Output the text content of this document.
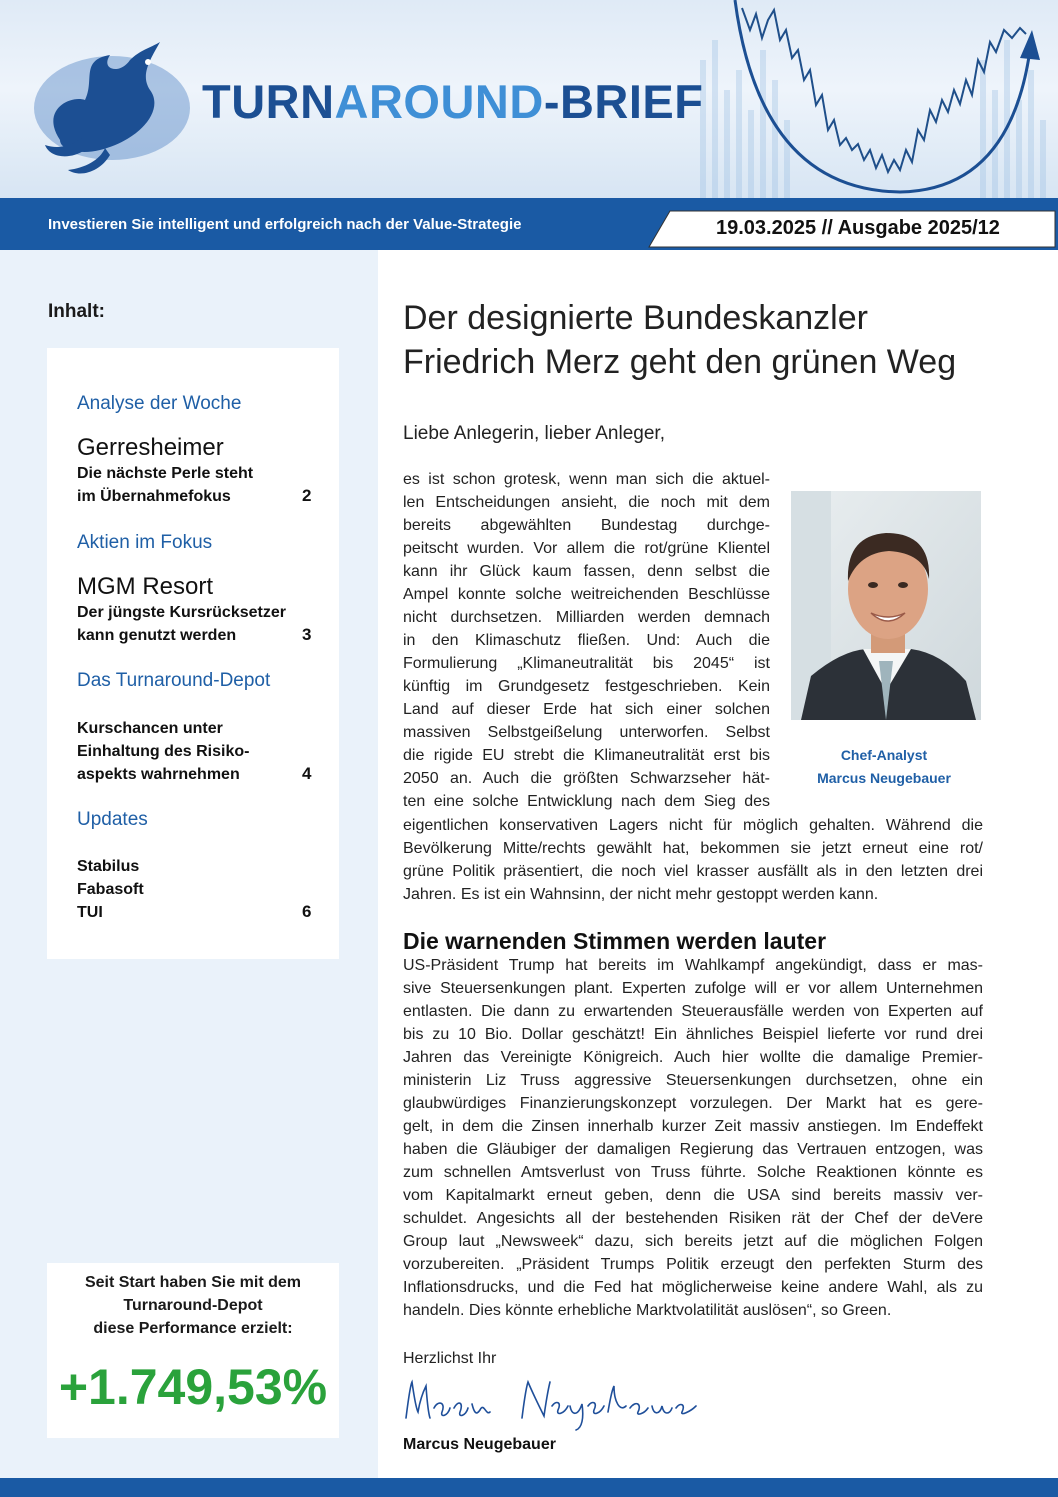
TURNAROUND-BRIEF
Investieren Sie intelligent und erfolgreich nach der Value-Strategie	19.03.2025 // Ausgabe 2025/12
Inhalt:
Analyse der Woche
Gerresheimer
Die nächste Perle steht
im Übernahmefokus	2
Aktien im Fokus
MGM Resort
Der jüngste Kursrücksetzer
kann genutzt werden	3
Das Turnaround-Depot
Kurschancen unter
Einhaltung des Risiko-
aspekts wahrnehmen	4
Updates
Stabilus
Fabasoft
TUI	6
Seit Start haben Sie mit dem
Turnaround-Depot
diese Performance erzielt:
+1.749,53%
Der designierte Bundeskanzler
Friedrich Merz geht den grünen Weg
Liebe Anlegerin, lieber Anleger,
es ist schon grotesk, wenn man sich die aktuel-
len Entscheidungen ansieht, die noch mit dem
bereits abgewählten Bundestag durchge-
peitscht wurden. Vor allem die rot/grüne Klientel
kann ihr Glück kaum fassen, denn selbst die
Ampel konnte solche weitreichenden Beschlüsse
nicht durchsetzen. Milliarden werden demnach
in den Klimaschutz fließen. Und: Auch die
Formulierung „Klimaneutralität bis 2045“ ist
künftig im Grundgesetz festgeschrieben. Kein
Land auf dieser Erde hat sich einer solchen
massiven Selbstgeißelung unterworfen. Selbst
die rigide EU strebt die Klimaneutralität erst bis
2050 an. Auch die größten Schwarzseher hät-
ten eine solche Entwicklung nach dem Sieg des
eigentlichen konservativen Lagers nicht für möglich gehalten. Während die
Bevölkerung Mitte/rechts gewählt hat, bekommen sie jetzt erneut eine rot/
grüne Politik präsentiert, die noch viel krasser ausfällt als in den letzten drei
Jahren. Es ist ein Wahnsinn, der nicht mehr gestoppt werden kann.
Chef-Analyst
Marcus Neugebauer
Die warnenden Stimmen werden lauter
US-Präsident Trump hat bereits im Wahlkampf angekündigt, dass er mas-
sive Steuersenkungen plant. Experten zufolge will er vor allem Unternehmen
entlasten. Die dann zu erwartenden Steuerausfälle werden von Experten auf
bis zu 10 Bio. Dollar geschätzt! Ein ähnliches Beispiel lieferte vor rund drei
Jahren das Vereinigte Königreich. Auch hier wollte die damalige Premier-
ministerin Liz Truss aggressive Steuersenkungen durchsetzen, ohne ein
glaubwürdiges Finanzierungskonzept vorzulegen. Der Markt hat es gere-
gelt, in dem die Zinsen innerhalb kurzer Zeit massiv anstiegen. Im Endeffekt
haben die Gläubiger der damaligen Regierung das Vertrauen entzogen, was
zum schnellen Amtsverlust von Truss führte. Solche Reaktionen könnte es
vom Kapitalmarkt erneut geben, denn die USA sind bereits massiv ver-
schuldet. Angesichts all der bestehenden Risiken rät der Chef der deVere
Group laut „Newsweek“ dazu, sich bereits jetzt auf die möglichen Folgen
vorzubereiten. „Präsident Trumps Politik erzeugt den perfekten Sturm des
Inflationsdrucks, und die Fed hat möglicherweise keine andere Wahl, als zu
handeln. Dies könnte erhebliche Marktvolatilität auslösen“, so Green.
Herzlichst Ihr
Marcus Neugebauer
